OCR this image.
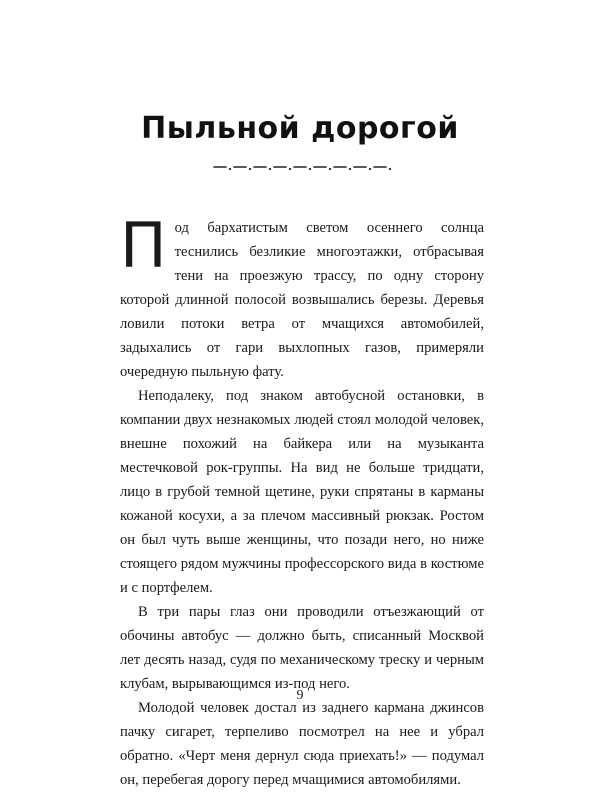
Пыльной дорогой

Под бархатистым светом осеннего солнца теснились безликие многоэтажки, отбрасывая тени на проезжую трассу, по одну сторону которой длинной полосой возвышались березы. Деревья ловили потоки ветра от мчащихся автомобилей, задыхались от гари выхлопных газов, примеряли очередную пыльную фату.

Неподалеку, под знаком автобусной остановки, в компании двух незнакомых людей стоял молодой человек, внешне похожий на байкера или на музыканта местечковой рок-группы. На вид не больше тридцати, лицо в грубой темной щетине, руки спрятаны в карманы кожаной косухи, а за плечом массивный рюкзак. Ростом он был чуть выше женщины, что позади него, но ниже стоящего рядом мужчины профессорского вида в костюме и с портфелем.

В три пары глаз они проводили отъезжающий от обочины автобус — должно быть, списанный Москвой лет десять назад, судя по механическому треску и черным клубам, вырывающимся из-под него.

Молодой человек достал из заднего кармана джинсов пачку сигарет, терпеливо посмотрел на нее и убрал обратно. «Черт меня дернул сюда приехать!» — подумал он, перебегая дорогу перед мчащимися автомобилями.

9
